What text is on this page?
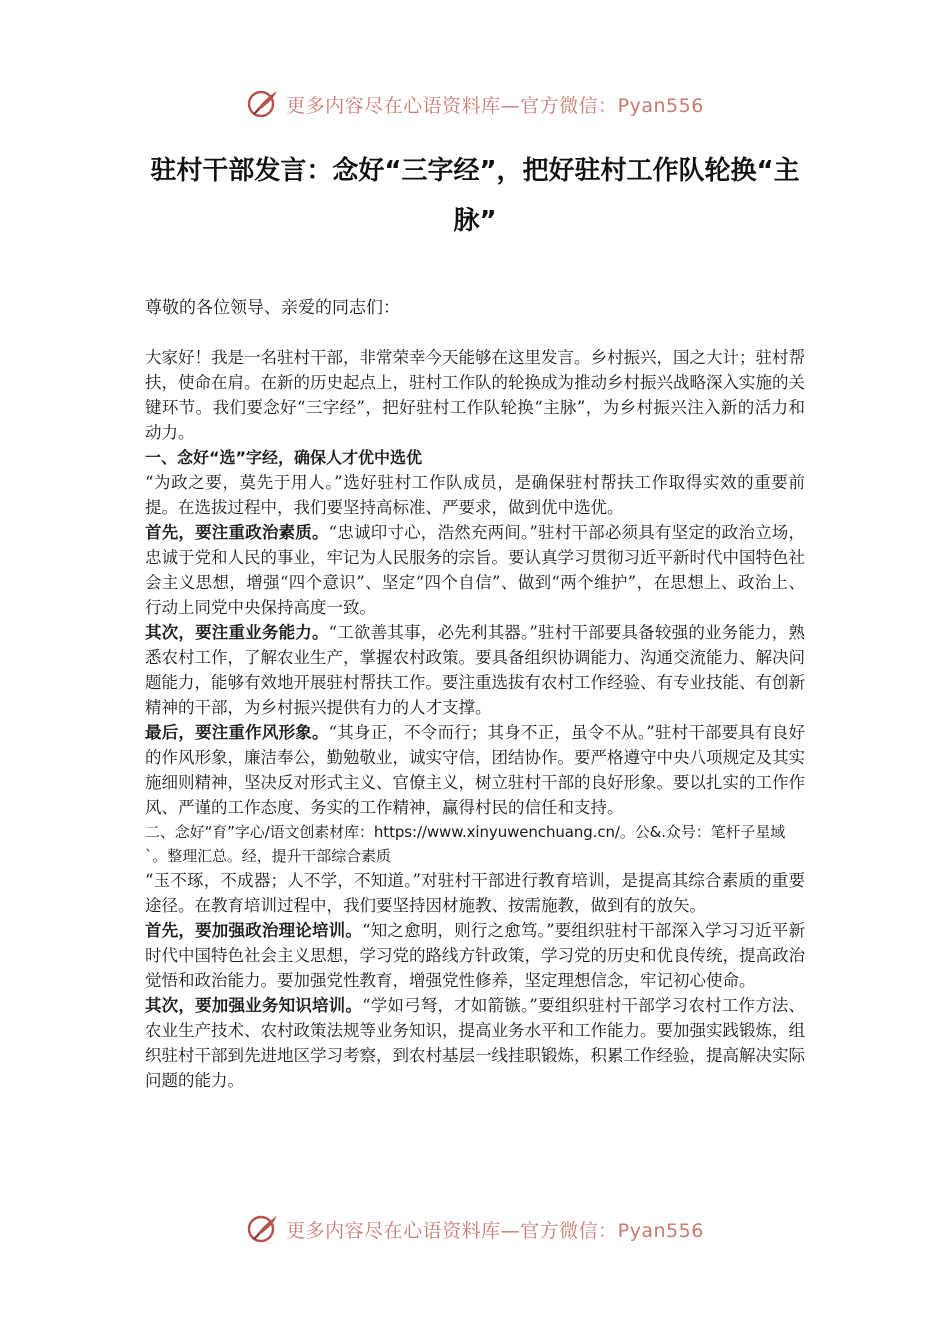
更多内容尽在心语资料库—官方微信：Pyan556
驻村干部发言：念好“三字经”，把好驻村工作队轮换“主脉”

尊敬的各位领导、亲爱的同志们：

大家好！我是一名驻村干部，非常荣幸今天能够在这里发言。乡村振兴，国之大计；驻村帮扶，使命在肩。在新的历史起点上，驻村工作队的轮换成为推动乡村振兴战略深入实施的关键环节。我们要念好“三字经”，把好驻村工作队轮换“主脉”，为乡村振兴注入新的活力和动力。

一、念好“选”字经，确保人才优中选优

“为政之要，莫先于用人。”选好驻村工作队成员，是确保驻村帮扶工作取得实效的重要前提。在选拔过程中，我们要坚持高标准、严要求，做到优中选优。

首先，要注重政治素质。“忠诚印寸心，浩然充两间。”驻村干部必须具有坚定的政治立场，忠诚于党和人民的事业，牢记为人民服务的宗旨。要认真学习贯彻习近平新时代中国特色社会主义思想，增强“四个意识”、坚定“四个自信”、做到“两个维护”，在思想上、政治上、行动上同党中央保持高度一致。

其次，要注重业务能力。“工欲善其事，必先利其器。”驻村干部要具备较强的业务能力，熟悉农村工作，了解农业生产，掌握农村政策。要具备组织协调能力、沟通交流能力、解决问题能力，能够有效地开展驻村帮扶工作。要注重选拔有农村工作经验、有专业技能、有创新精神的干部，为乡村振兴提供有力的人才支撑。

最后，要注重作风形象。“其身正，不令而行；其身不正，虽令不从。”驻村干部要具有良好的作风形象，廉洁奉公，勤勉敬业，诚实守信，团结协作。要严格遵守中央八项规定及其实施细则精神，坚决反对形式主义、官僚主义，树立驻村干部的良好形象。要以扎实的工作作风、严谨的工作态度、务实的工作精神，赢得村民的信任和支持。

二、念好“育”字心/语文创素材库：https://www.xinyuwenchuang.cn/。公&.众号：笔杆子星域`。整理汇总。经，提升干部综合素质

“玉不琢，不成器；人不学，不知道。”对驻村干部进行教育培训，是提高其综合素质的重要途径。在教育培训过程中，我们要坚持因材施教、按需施教，做到有的放矢。

首先，要加强政治理论培训。“知之愈明，则行之愈笃。”要组织驻村干部深入学习习近平新时代中国特色社会主义思想，学习党的路线方针政策，学习党的历史和优良传统，提高政治觉悟和政治能力。要加强党性教育，增强党性修养，坚定理想信念，牢记初心使命。

其次，要加强业务知识培训。“学如弓弩，才如箭镞。”要组织驻村干部学习农村工作方法、农业生产技术、农村政策法规等业务知识，提高业务水平和工作能力。要加强实践锻炼，组织驻村干部到先进地区学习考察，到农村基层一线挂职锻炼，积累工作经验，提高解决实际问题的能力。

更多内容尽在心语资料库—官方微信：Pyan556
